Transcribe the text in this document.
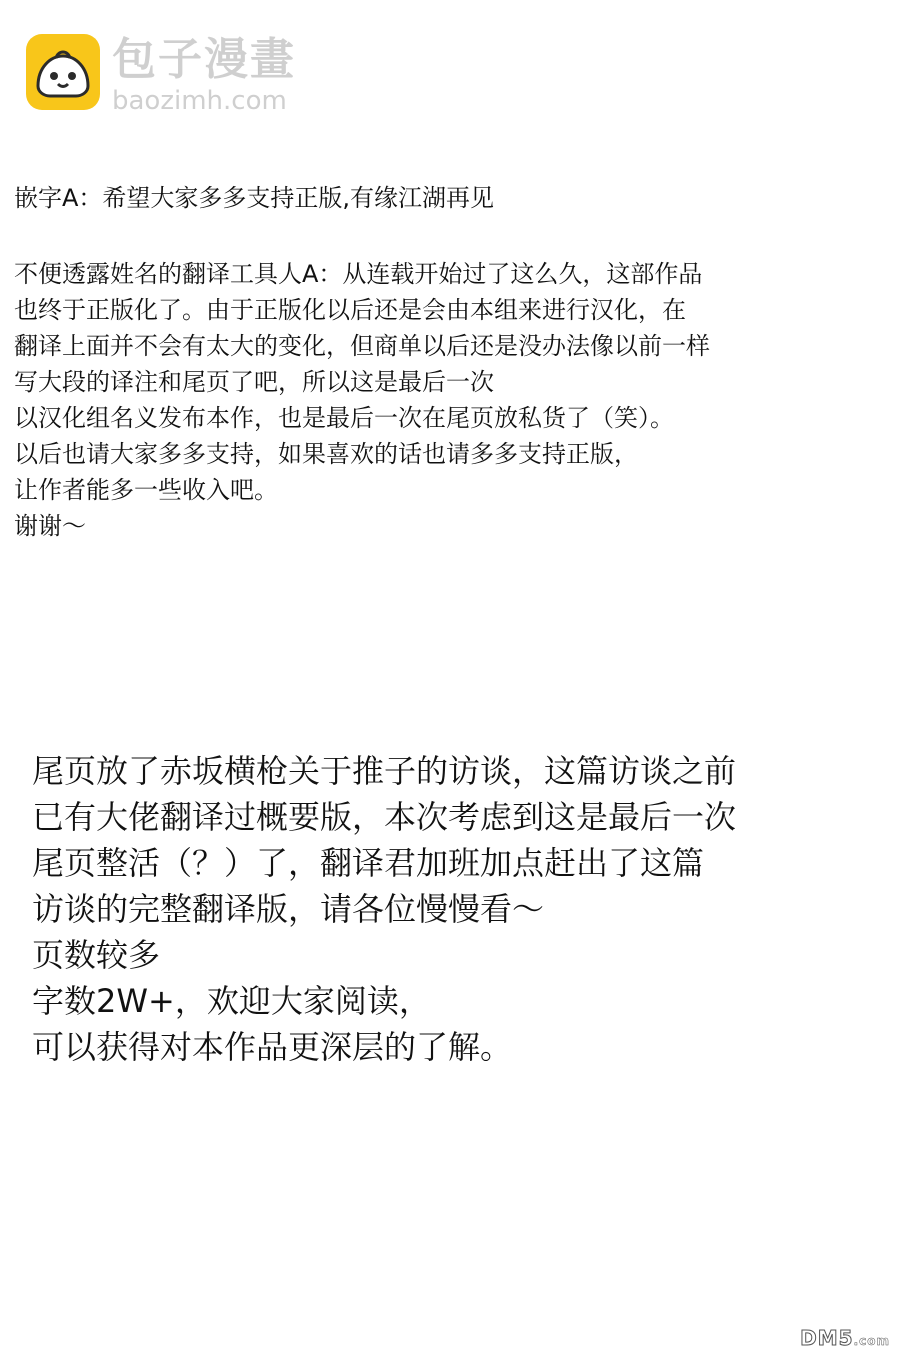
包子漫畫
baozimh.com
嵌字A：希望大家多多支持正版,有缘江湖再见
不便透露姓名的翻译工具人A：从连载开始过了这么久，这部作品
也终于正版化了。由于正版化以后还是会由本组来进行汉化，在
翻译上面并不会有太大的变化，但商单以后还是没办法像以前一样
写大段的译注和尾页了吧，所以这是最后一次
以汉化组名义发布本作，也是最后一次在尾页放私货了（笑）。
以后也请大家多多支持，如果喜欢的话也请多多支持正版，
让作者能多一些收入吧。
谢谢～
尾页放了赤坂横枪关于推子的访谈，这篇访谈之前
已有大佬翻译过概要版，本次考虑到这是最后一次
尾页整活（？）了，翻译君加班加点赶出了这篇
访谈的完整翻译版，请各位慢慢看～
页数较多
字数2W+，欢迎大家阅读，
可以获得对本作品更深层的了解。
DM5.com
